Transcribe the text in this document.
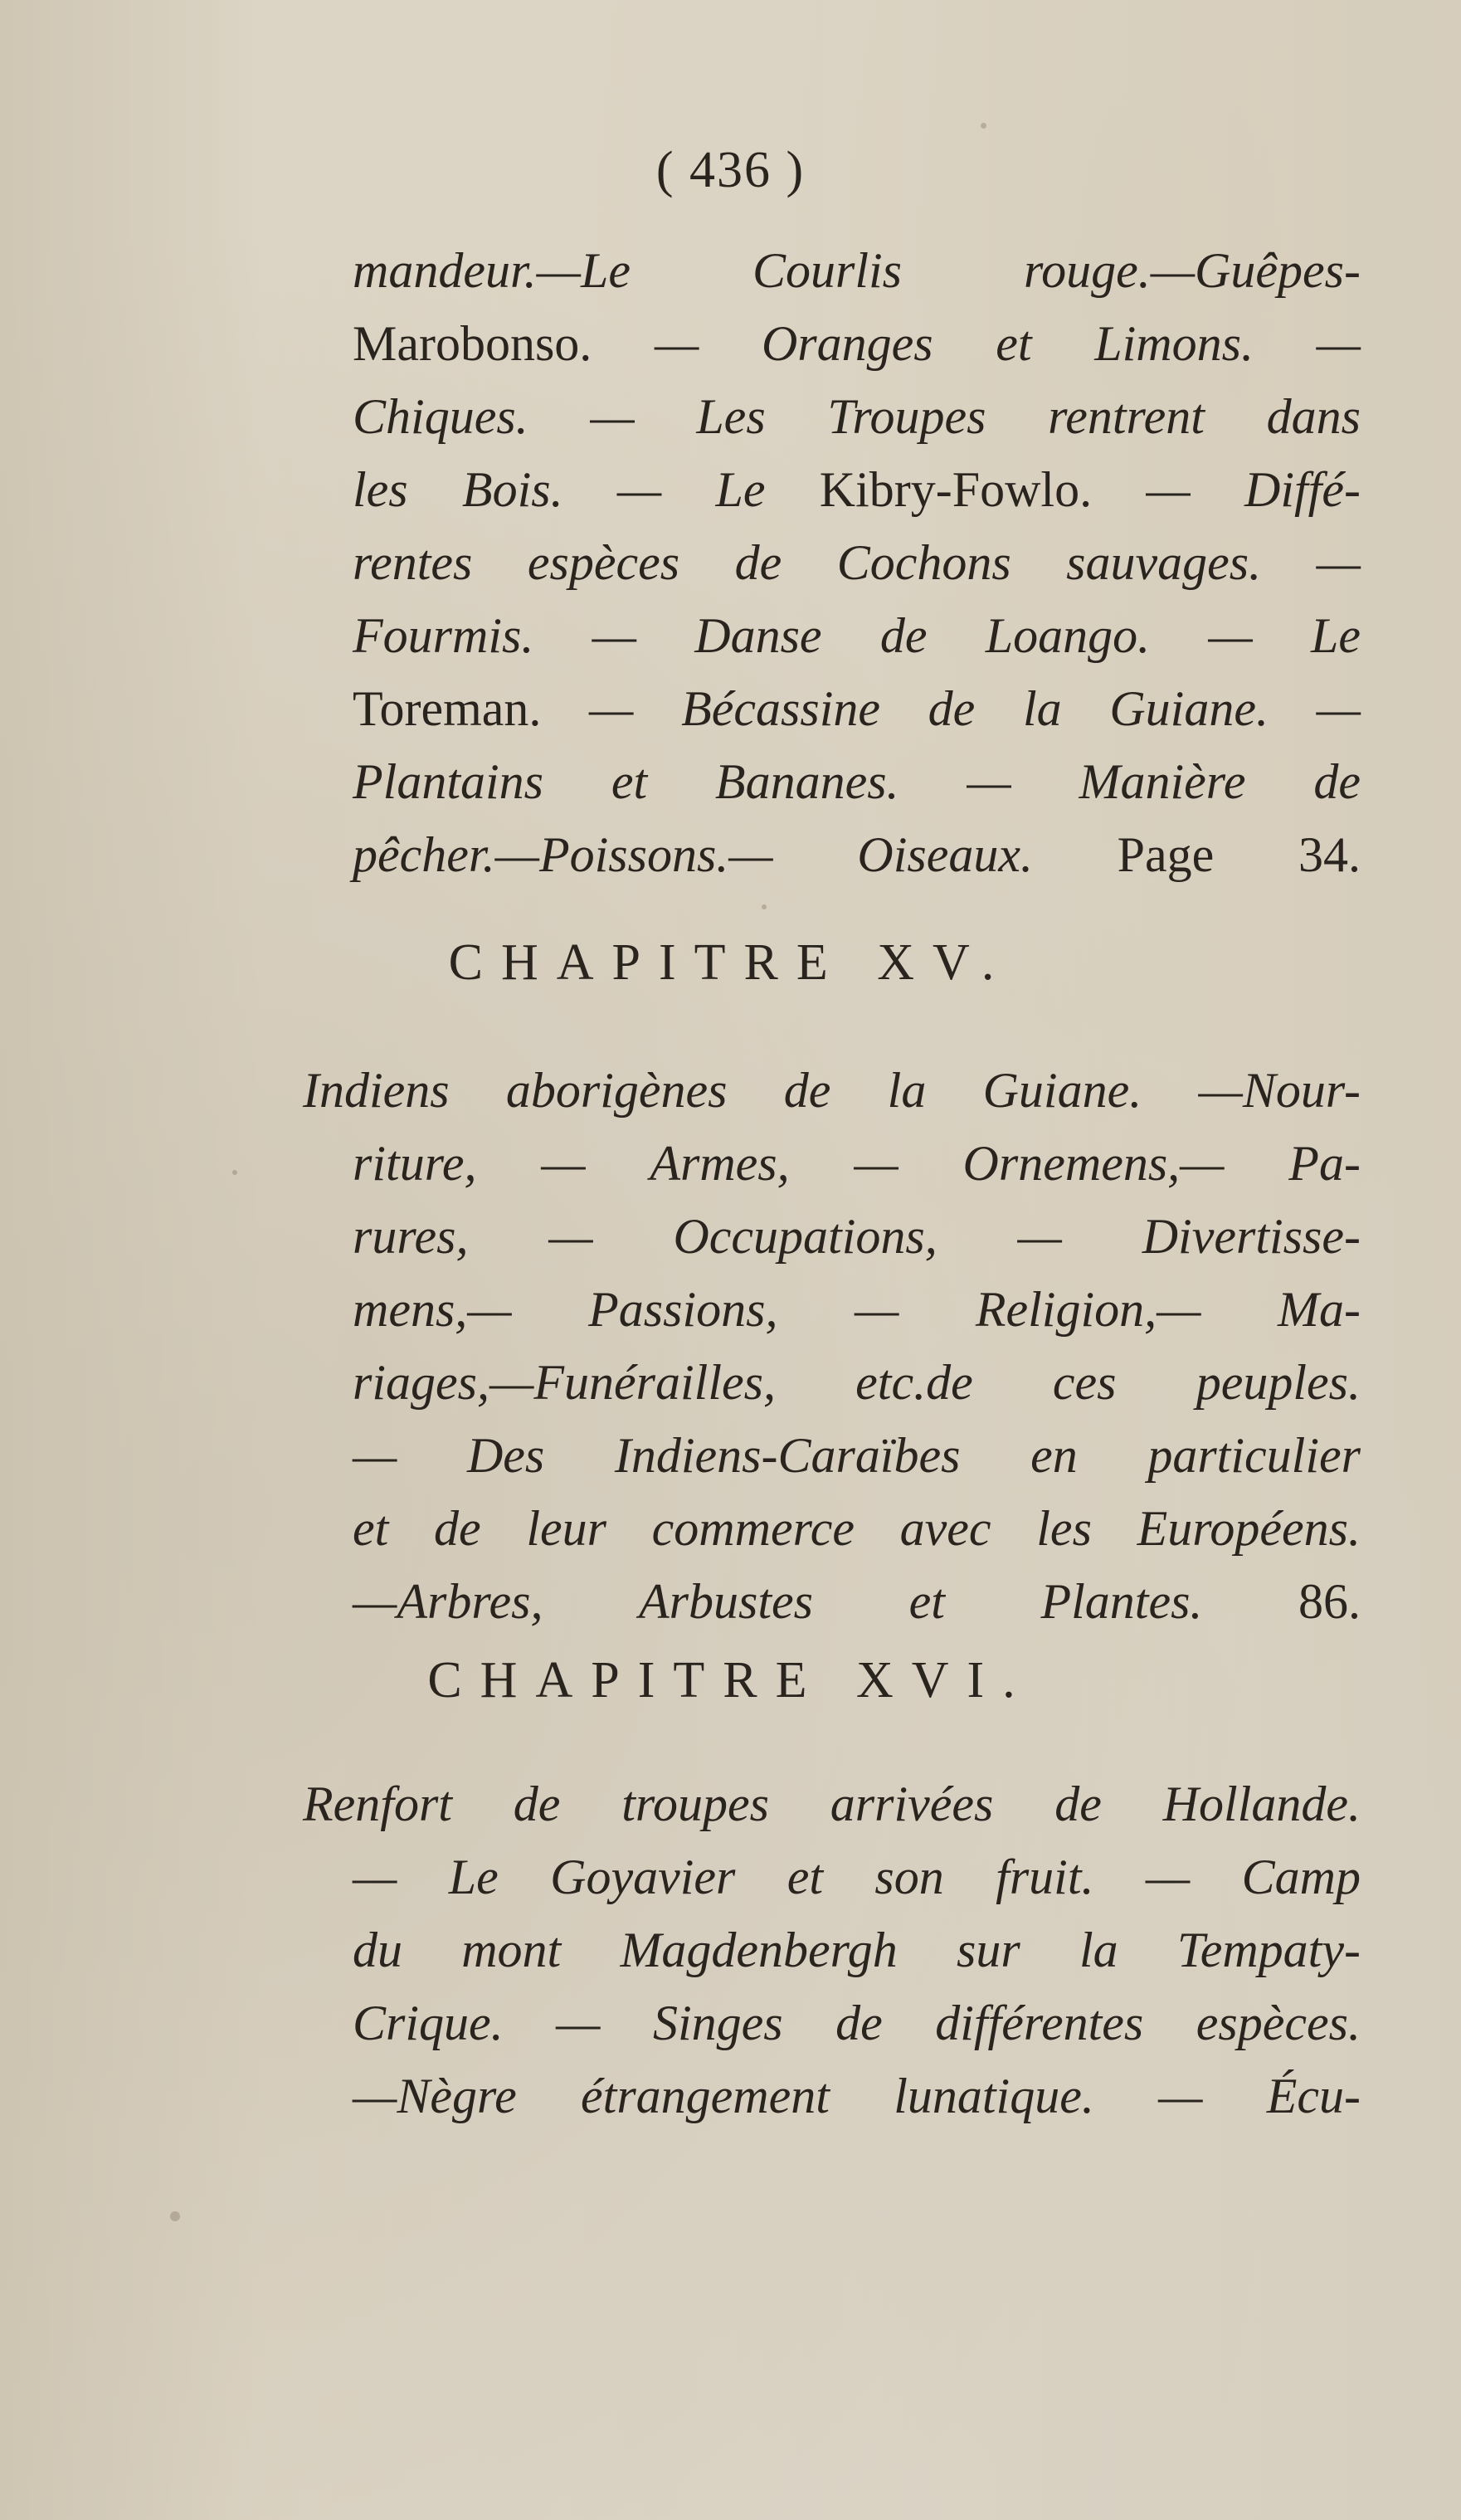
( 436 )
mandeur.—Le Courlis rouge.—Guêpes-
Marobonso. — Oranges et Limons. —
Chiques. — Les Troupes rentrent dans
les Bois. — Le Kibry-Fowlo. — Diffé-
rentes espèces de Cochons sauvages. —
Fourmis. — Danse de Loango. — Le
Toreman. — Bécassine de la Guiane. —
Plantains et Bananes. — Manière de
pêcher.—Poissons.— Oiseaux. Page 34.
CHAPITRE XV.
Indiens aborigènes de la Guiane. —Nour-
riture, — Armes, — Ornemens,— Pa-
rures, — Occupations, — Divertisse-
mens,— Passions, — Religion,— Ma-
riages,—Funérailles, etc.de ces peuples.
— Des Indiens-Caraïbes en particulier
et de leur commerce avec les Européens.
—Arbres, Arbustes et Plantes. 86.
CHAPITRE XVI.
Renfort de troupes arrivées de Hollande.
— Le Goyavier et son fruit. — Camp
du mont Magdenbergh sur la Tempaty-
Crique. — Singes de différentes espèces.
—Nègre étrangement lunatique. — Écu-
